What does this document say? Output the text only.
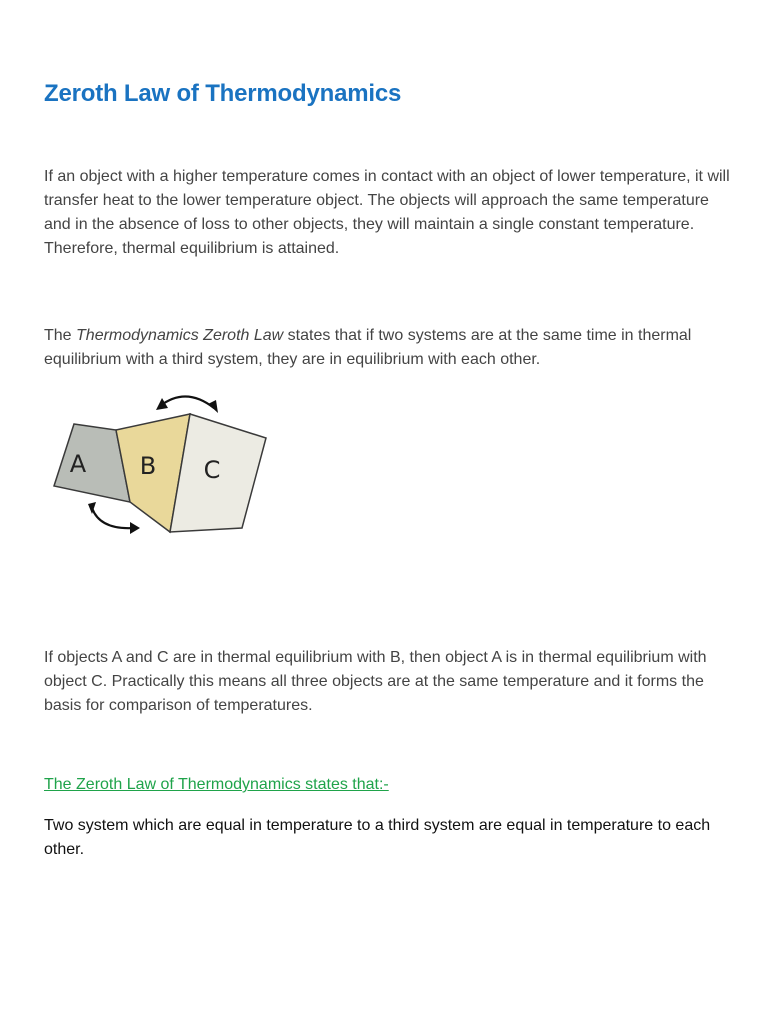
Zeroth Law of Thermodynamics

If an object with a higher temperature comes in contact with an object of lower temperature, it will transfer heat to the lower temperature object. The objects will approach the same temperature and in the absence of loss to other objects, they will maintain a single constant temperature. Therefore, thermal equilibrium is attained.

The Thermodynamics Zeroth Law states that if two systems are at the same time in thermal equilibrium with a third system, they are in equilibrium with each other.

A B C

If objects A and C are in thermal equilibrium with B, then object A is in thermal equilibrium with object C. Practically this means all three objects are at the same temperature and it forms the basis for comparison of temperatures.

The Zeroth Law of Thermodynamics states that:-

Two system which are equal in temperature to a third system are equal in temperature to each other.
